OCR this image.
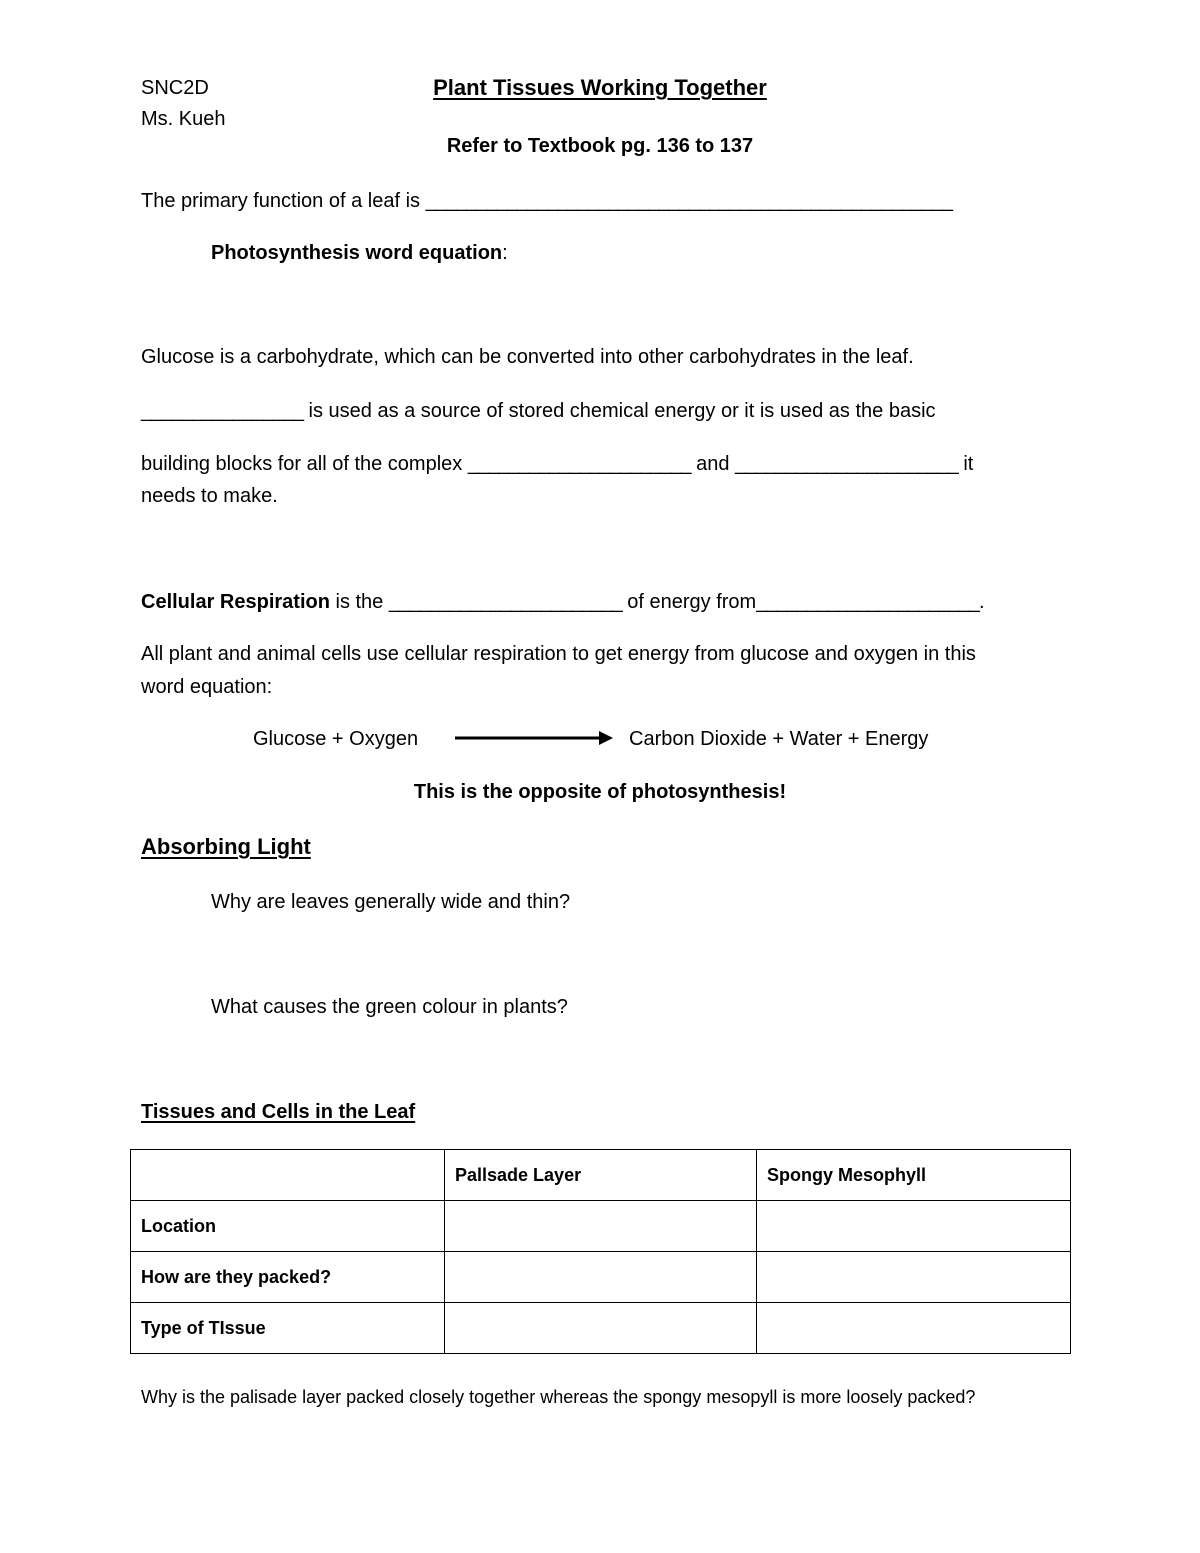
SNC2D
Ms. Kueh
Plant Tissues Working Together
Refer to Textbook pg. 136 to 137
The primary function of a leaf is ____________________________________________________
Photosynthesis word equation:
Glucose is a carbohydrate, which can be converted into other carbohydrates in the leaf.
________________ is used as a source of stored chemical energy or it is used as the basic
building blocks for all of the complex ______________________ and ______________________ it
needs to make.
Cellular Respiration is the _______________________ of energy from______________________.
All plant and animal cells use cellular respiration to get energy from glucose and oxygen in this
word equation:
Glucose + Oxygen	Carbon Dioxide + Water + Energy
This is the opposite of photosynthesis!
Absorbing Light
Why are leaves generally wide and thin?
What causes the green colour in plants?
Tissues and Cells in the Leaf
	Pallsade Layer	Spongy Mesophyll
Location		
How are they packed?		
Type of TIssue		
Why is the palisade layer packed closely together whereas the spongy mesopyll is more loosely packed?
